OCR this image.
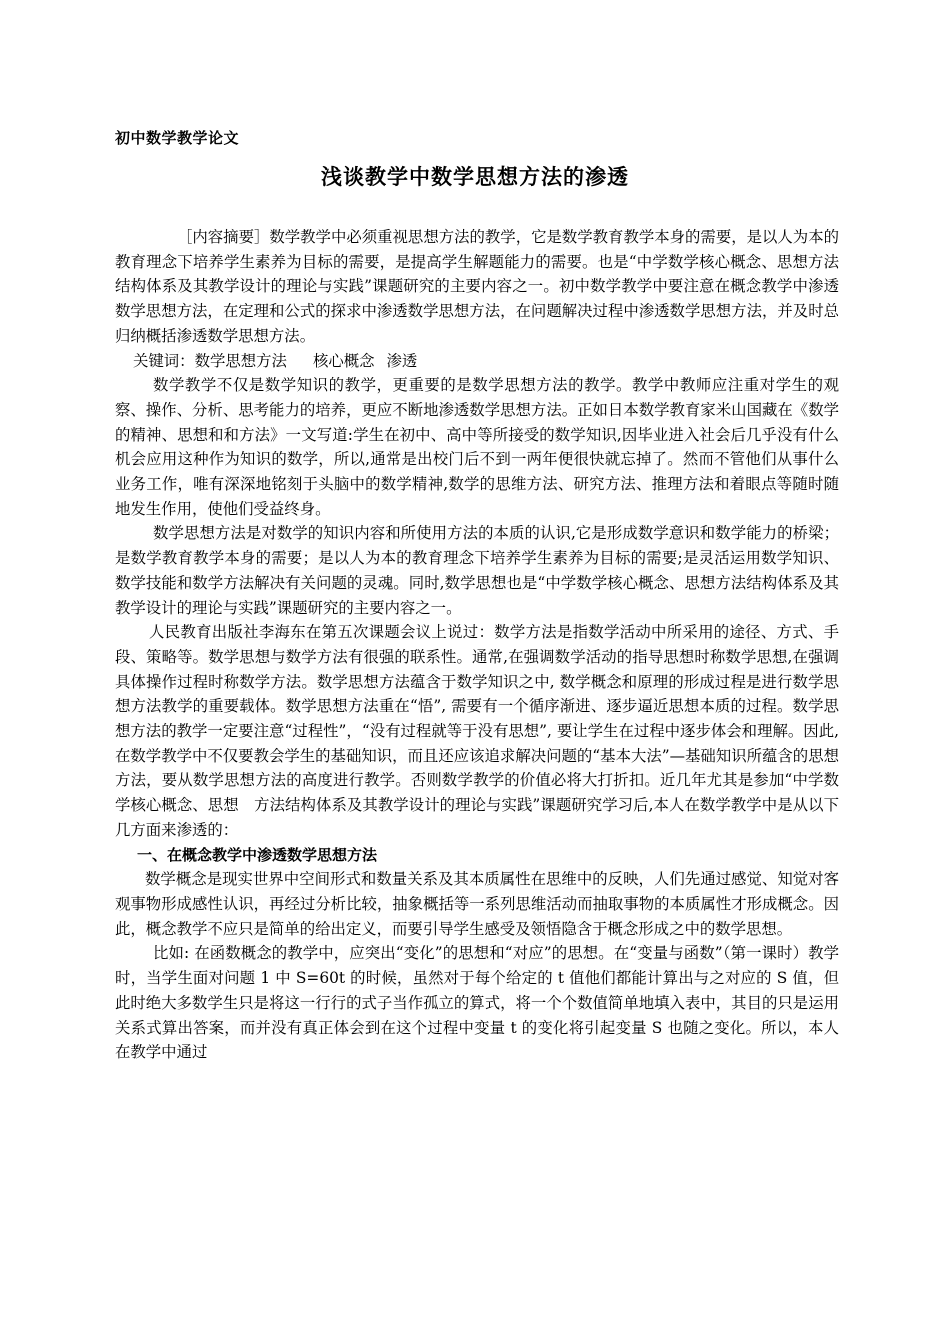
初中数学教学论文
浅谈教学中数学思想方法的渗透

［内容摘要］数学教学中必须重视思想方法的教学，它是数学教育教学本身的需要，是以人为本的教育理念下培养学生素养为目标的需要，是提高学生解题能力的需要。也是“中学数学核心概念、思想方法结构体系及其教学设计的理论与实践”课题研究的主要内容之一。初中数学教学中要注意在概念教学中渗透数学思想方法，在定理和公式的探求中渗透数学思想方法，在问题解决过程中渗透数学思想方法，并及时总归纳概括渗透数学思想方法。

关键词：数学思想方法 核心概念 渗透

数学教学不仅是数学知识的教学，更重要的是数学思想方法的教学。教学中教师应注重对学生的观察、操作、分析、思考能力的培养，更应不断地渗透数学思想方法。正如日本数学教育家米山国藏在《数学的精神、思想和和方法》一文写道:学生在初中、高中等所接受的数学知识,因毕业进入社会后几乎没有什么机会应用这种作为知识的数学，所以,通常是出校门后不到一两年便很快就忘掉了。然而不管他们从事什么业务工作，唯有深深地铭刻于头脑中的数学精神,数学的思维方法、研究方法、推理方法和着眼点等随时随地发生作用，使他们受益终身。

数学思想方法是对数学的知识内容和所使用方法的本质的认识,它是形成数学意识和数学能力的桥梁；是数学教育教学本身的需要；是以人为本的教育理念下培养学生素养为目标的需要;是灵活运用数学知识、数学技能和数学方法解决有关问题的灵魂。同时,数学思想也是“中学数学核心概念、思想方法结构体系及其教学设计的理论与实践”课题研究的主要内容之一。

人民教育出版社李海东在第五次课题会议上说过：数学方法是指数学活动中所采用的途径、方式、手段、策略等。数学思想与数学方法有很强的联系性。通常,在强调数学活动的指导思想时称数学思想,在强调具体操作过程时称数学方法。数学思想方法蕴含于数学知识之中, 数学概念和原理的形成过程是进行数学思想方法教学的重要载体。数学思想方法重在“悟”, 需要有一个循序渐进、逐步逼近思想本质的过程。数学思想方法的教学一定要注意“过程性”，“没有过程就等于没有思想”, 要让学生在过程中逐步体会和理解。因此,在数学教学中不仅要教会学生的基础知识，而且还应该追求解决问题的“基本大法”—基础知识所蕴含的思想方法，要从数学思想方法的高度进行教学。否则数学教学的价值必将大打折扣。近几年尤其是参加“中学数学核心概念、思想　方法结构体系及其教学设计的理论与实践”课题研究学习后,本人在数学教学中是从以下几方面来渗透的：

一、在概念教学中渗透数学思想方法

数学概念是现实世界中空间形式和数量关系及其本质属性在思维中的反映，人们先通过感觉、知觉对客观事物形成感性认识，再经过分析比较，抽象概括等一系列思维活动而抽取事物的本质属性才形成概念。因此，概念教学不应只是简单的给出定义，而要引导学生感受及领悟隐含于概念形成之中的数学思想。

比如: 在函数概念的教学中，应突出“变化”的思想和“对应”的思想。在“变量与函数”（第一课时）教学时，当学生面对问题 1 中 S=60t 的时候，虽然对于每个给定的 t 值他们都能计算出与之对应的 S 值，但此时绝大多数学生只是将这一行行的式子当作孤立的算式，将一个个数值简单地填入表中，其目的只是运用关系式算出答案，而并没有真正体会到在这个过程中变量 t 的变化将引起变量 S 也随之变化。所以，本人在教学中通过
